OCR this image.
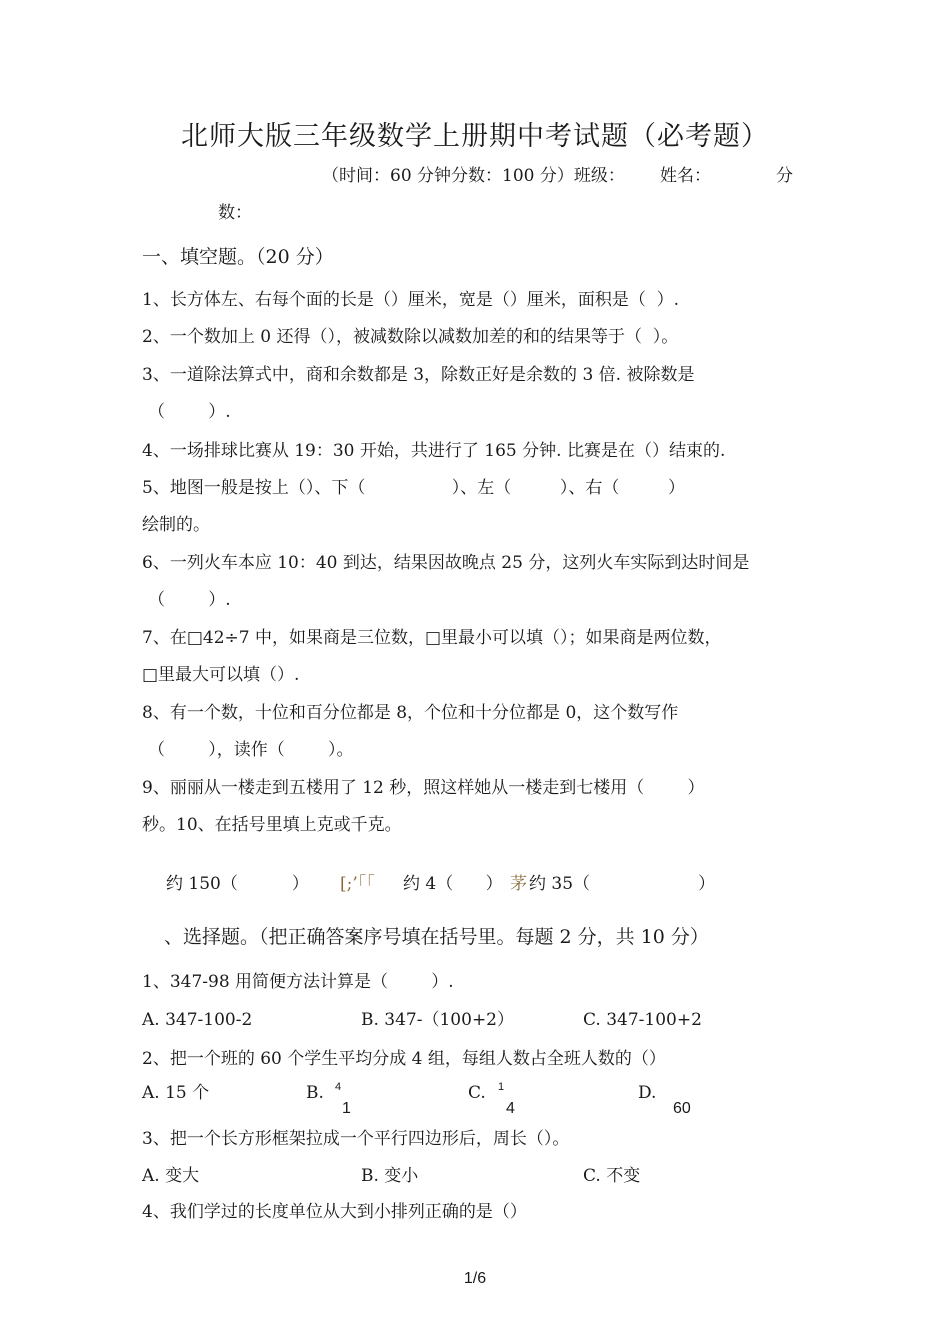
北师大版三年级数学上册期中考试题（必考题）
（时间：60 分钟分数：100 分）班级： 姓名：	分
数：
一、填空题。（20 分）
1、长方体左、右每个面的长是（）厘米，宽是（）厘米，面积是（  ）.
2、一个数加上 0 还得（），被减数除以减数加差的和的结果等于（  ）。
3、一道除法算式中，商和余数都是 3，除数正好是余数的 3 倍. 被除数是
（        ）.
4、一场排球比赛从 19：30 开始，共进行了 165 分钟. 比赛是在（）结束的.
5、地图一般是按上（）、下（                ）、左（         ）、右（         ）
绘制的。
6、一列火车本应 10：40 到达，结果因故晚点 25 分，这列火车实际到达时间是
（        ）.
7、在□42÷7 中，如果商是三位数，□里最小可以填（）；如果商是两位数，
□里最大可以填（）.
8、有一个数，十位和百分位都是 8，个位和十分位都是 0，这个数写作
（        ），读作（        ）。
9、丽丽从一楼走到五楼用了 12 秒，照这样她从一楼走到七楼用（        ）
秒。10、在括号里填上克或千克。
约 150（          ） [;’「「 约 4（      ） 茅 约 35（                    ）
、选择题。（把正确答案序号填在括号里。每题 2 分，共 10 分）
1、347-98 用简便方法计算是（        ）.
A. 347-100-2	B. 347-（100+2）	C. 347-100+2
2、把一个班的 60 个学生平均分成 4 组，每组人数占全班人数的（）
A. 15 个	B. 4
1
C. 1
4
D.
60
3、把一个长方形框架拉成一个平行四边形后，周长（）。
A. 变大	B. 变小	C. 不变
4、我们学过的长度单位从大到小排列正确的是（）
1/6
